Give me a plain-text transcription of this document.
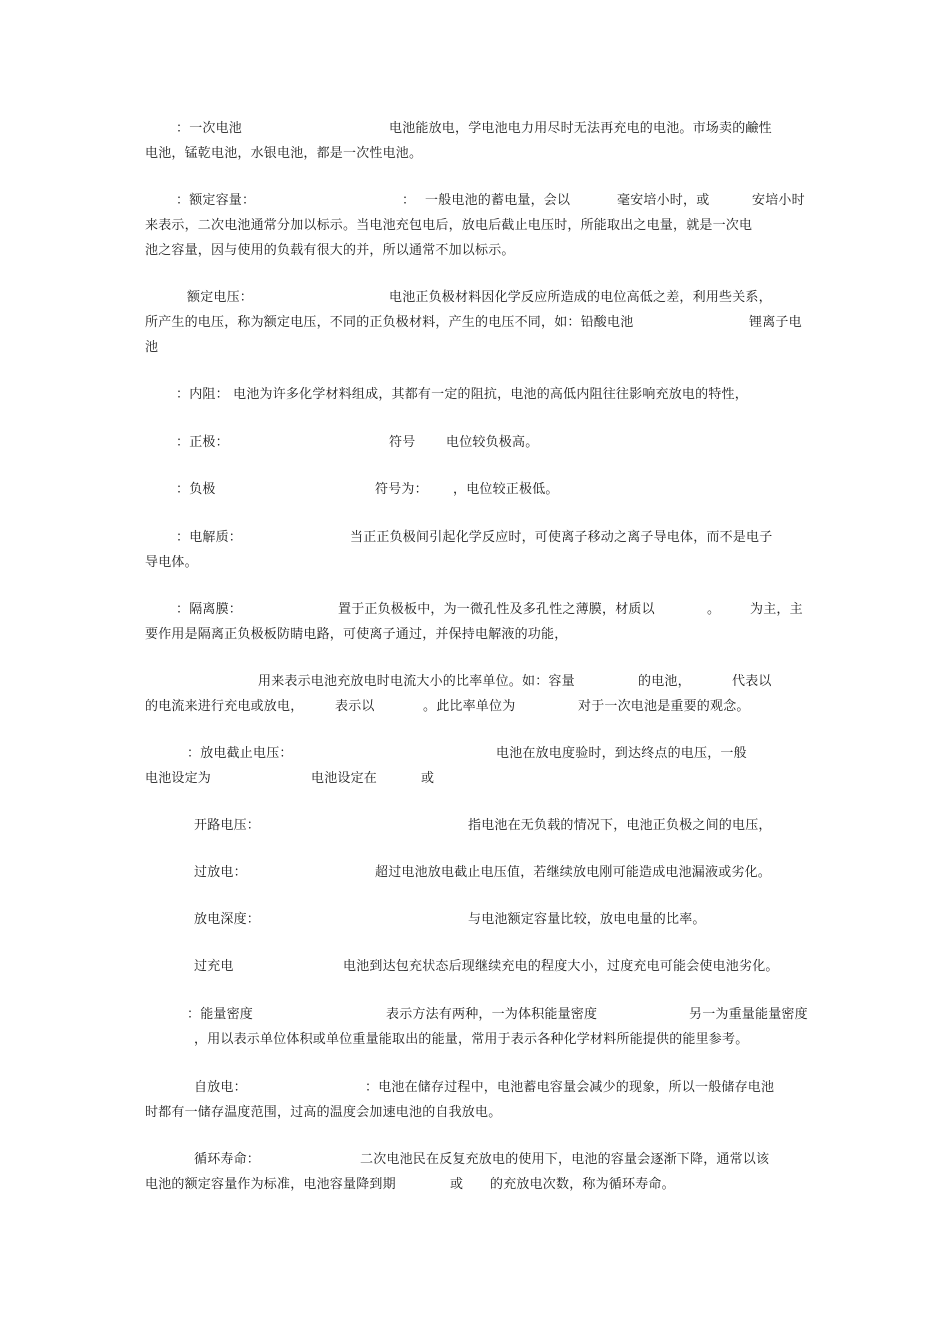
：一次电池	电池能放电，学电池电力用尽时无法再充电的电池。市场卖的鹼性
电池，锰乾电池，水银电池，都是一次性电池。
：额定容量：	： 一般电池的蓄电量，会以	毫安培小时，或	安培小时
来表示，二次电池通常分加以标示。当电池充包电后，放电后截止电压时，所能取出之电量，就是一次电
池之容量，因与使用的负载有很大的并，所以通常不加以标示。
额定电压：	电池正负极材料因化学反应所造成的电位高低之差，利用些关系，
所产生的电压，称为额定电压，不同的正负极材料，产生的电压不同，如：铅酸电池	锂离子电
池
：内阻： 电池为许多化学材料组成，其都有一定的阻抗，电池的高低内阻往往影响充放电的特性，
：正极：	符号 电位较负极高。
：负极	符号为： ，电位较正极低。
：电解质：	当正正负极间引起化学反应时，可使离子移动之离子导电体，而不是电子
导电体。
：隔离膜：	置于正负极板中，为一微孔性及多孔性之薄膜，材质以	。 为主，主
要作用是隔离正负极板防睛电路，可使离子通过，并保持电解液的功能，
用来表示电池充放电时电流大小的比率单位。如：容量	的电池，	代表以
的电流来进行充电或放电， 表示以	。此比率单位为	对于一次电池是重要的观念。
：放电截止电压：	电池在放电度验时，到达终点的电压，一般
电池设定为	电池设定在	或
开路电压：	指电池在无负载的情况下，电池正负极之间的电压，
过放电：	超过电池放电截止电压值，若继续放电刚可能造成电池漏液或劣化。
放电深度：	与电池额定容量比较，放电电量的比率。
过充电	电池到达包充状态后现继续充电的程度大小，过度充电可能会使电池劣化。
：能量密度	表示方法有两种，一为体积能量密度	另一为重量能量密度
，用以表示单位体积或单位重量能取出的能量，常用于表示各种化学材料所能提供的能里参考。
自放电：	：电池在储存过程中，电池蓄电容量会减少的现象，所以一般储存电池
时都有一储存温度范围，过高的温度会加速电池的自我放电。
循环寿命：	二次电池民在反复充放电的使用下，电池的容量会逐渐下降，通常以该
电池的额定容量作为标准，电池容量降到期	或 的充放电次数，称为循环寿命。
